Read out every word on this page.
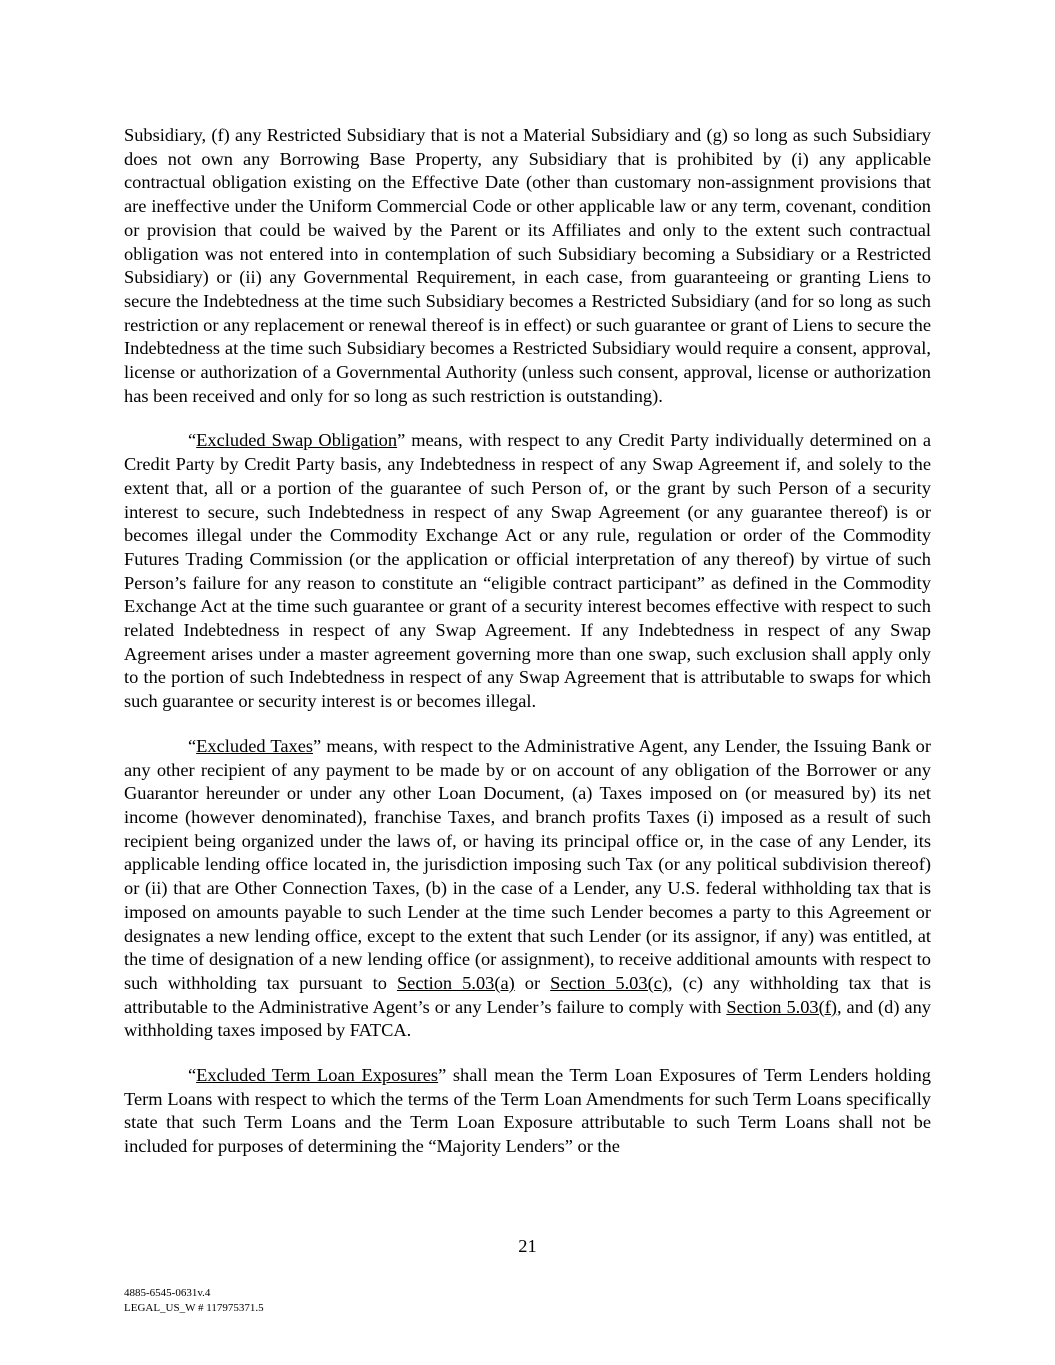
Subsidiary, (f) any Restricted Subsidiary that is not a Material Subsidiary and (g) so long as such Subsidiary does not own any Borrowing Base Property, any Subsidiary that is prohibited by (i) any applicable contractual obligation existing on the Effective Date (other than customary non-assignment provisions that are ineffective under the Uniform Commercial Code or other applicable law or any term, covenant, condition or provision that could be waived by the Parent or its Affiliates and only to the extent such contractual obligation was not entered into in contemplation of such Subsidiary becoming a Subsidiary or a Restricted Subsidiary) or (ii) any Governmental Requirement, in each case, from guaranteeing or granting Liens to secure the Indebtedness at the time such Subsidiary becomes a Restricted Subsidiary (and for so long as such restriction or any replacement or renewal thereof is in effect) or such guarantee or grant of Liens to secure the Indebtedness at the time such Subsidiary becomes a Restricted Subsidiary would require a consent, approval, license or authorization of a Governmental Authority (unless such consent, approval, license or authorization has been received and only for so long as such restriction is outstanding).

“Excluded Swap Obligation” means, with respect to any Credit Party individually determined on a Credit Party by Credit Party basis, any Indebtedness in respect of any Swap Agreement if, and solely to the extent that, all or a portion of the guarantee of such Person of, or the grant by such Person of a security interest to secure, such Indebtedness in respect of any Swap Agreement (or any guarantee thereof) is or becomes illegal under the Commodity Exchange Act or any rule, regulation or order of the Commodity Futures Trading Commission (or the application or official interpretation of any thereof) by virtue of such Person’s failure for any reason to constitute an “eligible contract participant” as defined in the Commodity Exchange Act at the time such guarantee or grant of a security interest becomes effective with respect to such related Indebtedness in respect of any Swap Agreement. If any Indebtedness in respect of any Swap Agreement arises under a master agreement governing more than one swap, such exclusion shall apply only to the portion of such Indebtedness in respect of any Swap Agreement that is attributable to swaps for which such guarantee or security interest is or becomes illegal.

“Excluded Taxes” means, with respect to the Administrative Agent, any Lender, the Issuing Bank or any other recipient of any payment to be made by or on account of any obligation of the Borrower or any Guarantor hereunder or under any other Loan Document, (a) Taxes imposed on (or measured by) its net income (however denominated), franchise Taxes, and branch profits Taxes (i) imposed as a result of such recipient being organized under the laws of, or having its principal office or, in the case of any Lender, its applicable lending office located in, the jurisdiction imposing such Tax (or any political subdivision thereof) or (ii) that are Other Connection Taxes, (b) in the case of a Lender, any U.S. federal withholding tax that is imposed on amounts payable to such Lender at the time such Lender becomes a party to this Agreement or designates a new lending office, except to the extent that such Lender (or its assignor, if any) was entitled, at the time of designation of a new lending office (or assignment), to receive additional amounts with respect to such withholding tax pursuant to Section 5.03(a) or Section 5.03(c), (c) any withholding tax that is attributable to the Administrative Agent’s or any Lender’s failure to comply with Section 5.03(f), and (d) any withholding taxes imposed by FATCA.

“Excluded Term Loan Exposures” shall mean the Term Loan Exposures of Term Lenders holding Term Loans with respect to which the terms of the Term Loan Amendments for such Term Loans specifically state that such Term Loans and the Term Loan Exposure attributable to such Term Loans shall not be included for purposes of determining the “Majority Lenders” or the

21
4885-6545-0631v.4
LEGAL_US_W # 117975371.5
